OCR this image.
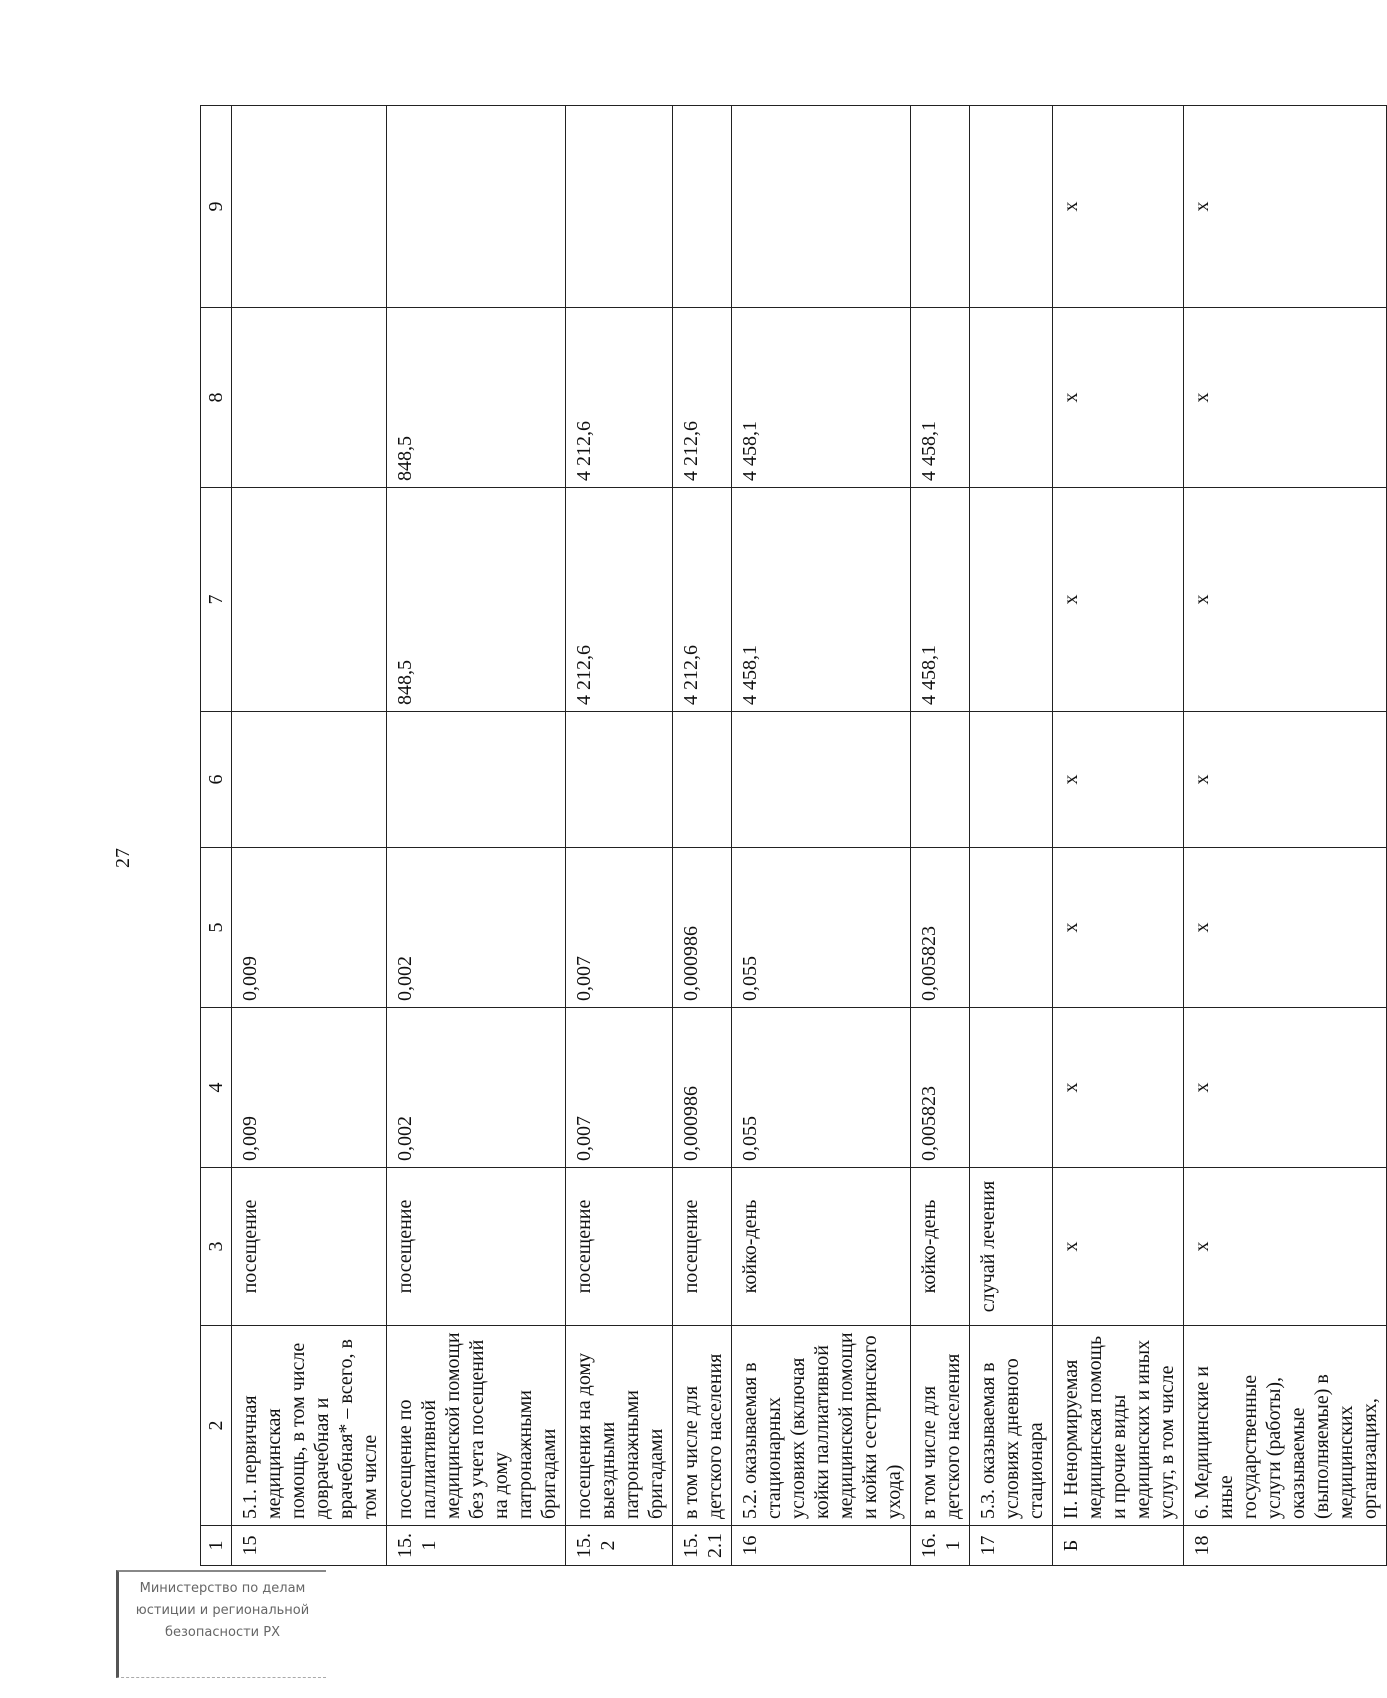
27
1	2	3	4	5	6	7	8	9
15	5.1. первичная медицинская помощь, в том числе доврачебная и врачебная* – всего, в том числе	посещение	0,009	0,009				
15.1	посещение по паллиативной медицинской помощи без учета посещений на дому патронажными бригадами	посещение	0,002	0,002		848,5	848,5	
15.2	посещения на дому выездными патронажными бригадами	посещение	0,007	0,007		4 212,6	4 212,6	
15.2.1	в том числе для детского населения	посещение	0,000986	0,000986		4 212,6	4 212,6	
16	5.2. оказываемая в стационарных условиях (включая койки паллиативной медицинской помощи и койки сестринского ухода)	койко-день	0,055	0,055		4 458,1	4 458,1	
16.1	в том числе для детского населения	койко-день	0,005823	0,005823		4 458,1	4 458,1	
17	5.3. оказываемая в условиях дневного стационара	случай лечения						
Б	II. Ненормируемая медицинская помощь и прочие виды медицинских и иных услуг, в том числе	х	х	х	х	х	х	х
18	6. Медицинские и иные государственные услуги (работы), оказываемые (выполняемые) в медицинских организациях,	х	х	х	х	х	х	х
Министерство по делам
юстиции и региональной
безопасности РХ
